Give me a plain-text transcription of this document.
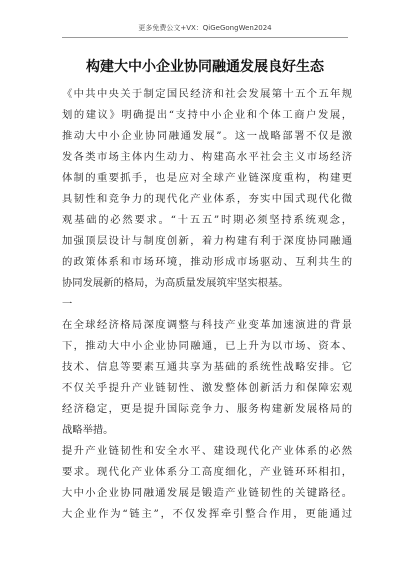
更多免费公文+VX：QiGeGongWen2024
构建大中小企业协同融通发展良好生态
《中共中央关于制定国民经济和社会发展第十五个五年规
划的建议》明确提出“支持中小企业和个体工商户发展，
推动大中小企业协同融通发展”。这一战略部署不仅是激
发各类市场主体内生动力、构建高水平社会主义市场经济
体制的重要抓手，也是应对全球产业链深度重构，构建更
具韧性和竞争力的现代化产业体系，夯实中国式现代化微
观基础的必然要求。“十五五”时期必须坚持系统观念，
加强顶层设计与制度创新，着力构建有利于深度协同融通
的政策体系和市场环境，推动形成市场驱动、互利共生的
协同发展新的格局，为高质量发展筑牢坚实根基。
一
在全球经济格局深度调整与科技产业变革加速演进的背景
下，推动大中小企业协同融通，已上升为以市场、资本、
技术、信息等要素互通共享为基础的系统性战略安排。它
不仅关乎提升产业链韧性、激发整体创新活力和保障宏观
经济稳定，更是提升国际竞争力、服务构建新发展格局的
战略举措。
提升产业链韧性和安全水平、建设现代化产业体系的必然
要求。现代化产业体系分工高度细化，产业链环环相扣，
大中小企业协同融通发展是锻造产业链韧性的关键路径。
大企业作为“链主”，不仅发挥牵引整合作用，更能通过
